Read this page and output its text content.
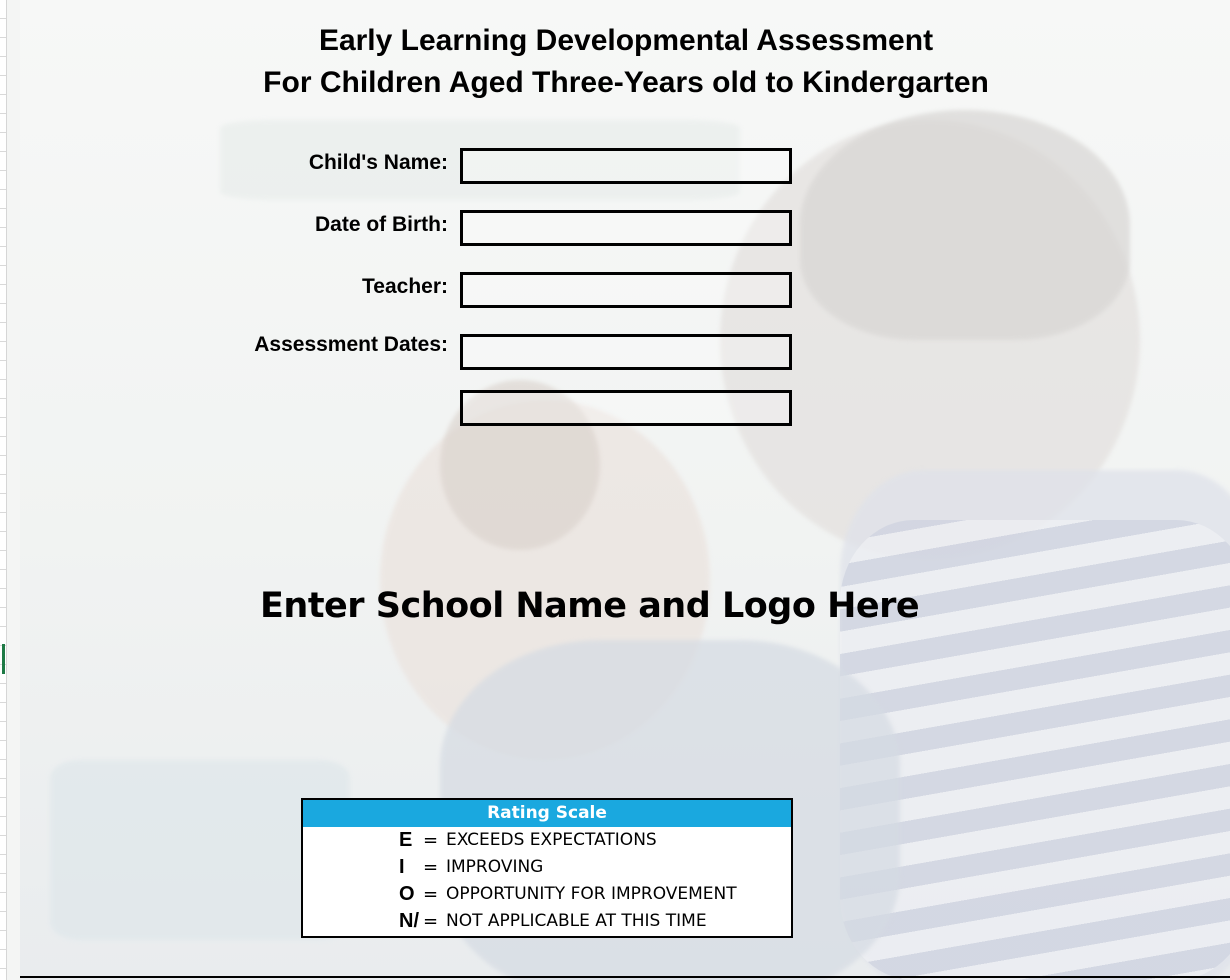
Early Learning Developmental Assessment
For Children Aged Three-Years old to Kindergarten
Child's Name:
Date of Birth:
Teacher:
Assessment Dates:
Enter School Name and Logo Here
Rating Scale
E = EXCEEDS EXPECTATIONS
I	= IMPROVING
O = OPPORTUNITY FOR IMPROVEMENT
N/ = NOT APPLICABLE AT THIS TIME
